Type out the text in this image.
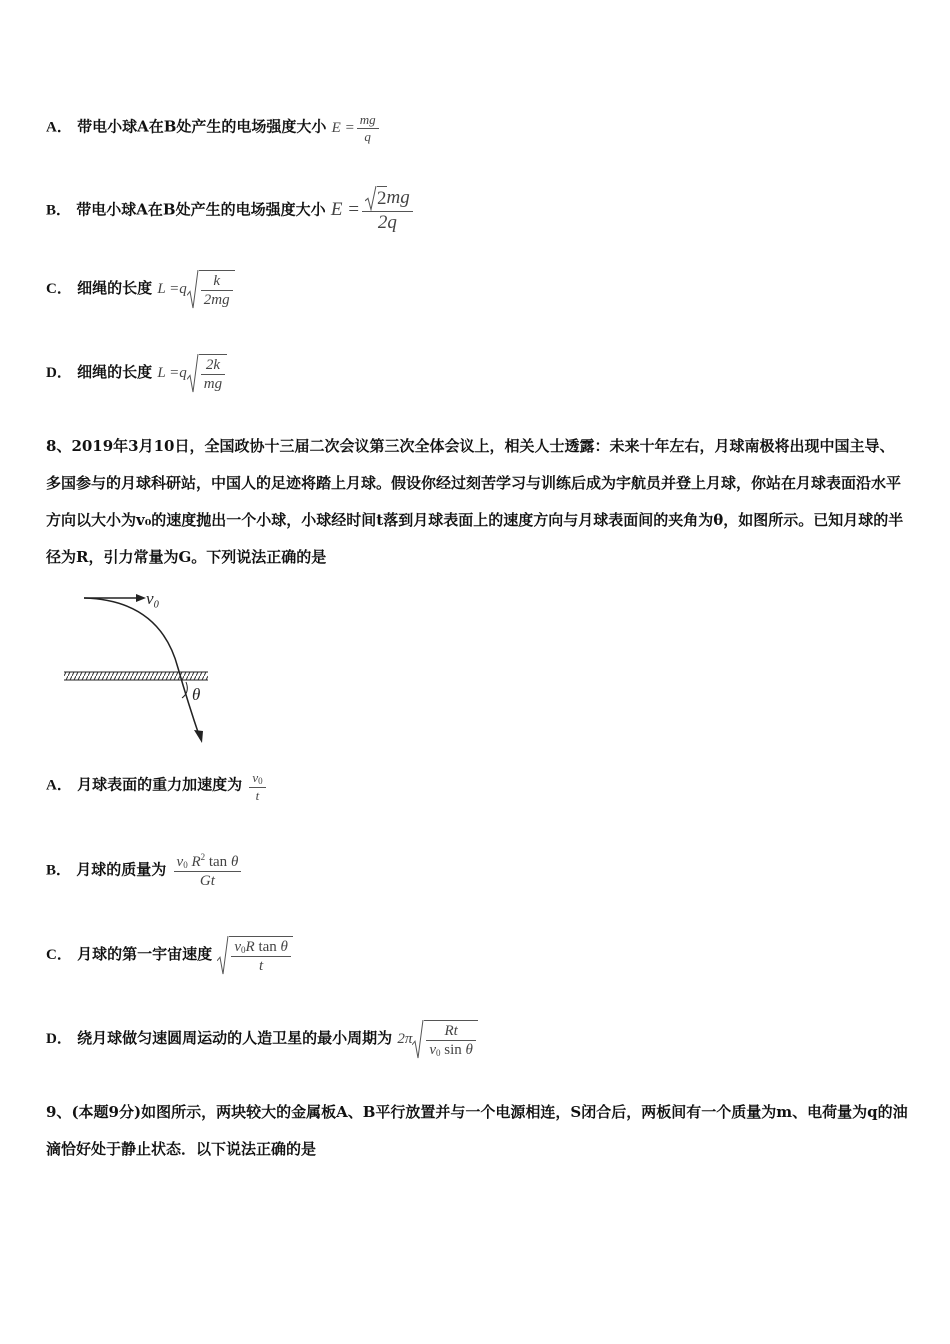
A． 带电小球A在B处产生的电场强度大小 $E = \frac{mg}{q}$
B． 带电小球A在B处产生的电场强度大小 $E = \frac{2mg}{2q}$
C． 细绳的长度 $L =q \frac{k}{2mg}$
D． 细绳的长度 $L =q \frac{2k}{mg}$
8、2019年3月10日，全国政协十三届二次会议第三次全体会议上，相关人士透露：未来十年左右，月球南极将出现中国主导、多国参与的月球科研站，中国人的足迹将踏上月球。假设你经过刻苦学习与训练后成为宇航员并登上月球，你站在月球表面沿水平方向以大小为v₀的速度抛出一个小球，小球经时间t落到月球表面上的速度方向与月球表面间的夹角为θ，如图所示。已知月球的半径为R，引力常量为G。下列说法正确的是
v₀
θ
A． 月球表面的重力加速度为 $\frac{v_0}{t}$
B． 月球的质量为 $\frac{v_0 R^2 \tan \theta}{Gt}$
C． 月球的第一宇宙速度 $\frac{v_0R \tan \theta}{t}$
D． 绕月球做匀速圆周运动的人造卫星的最小周期为 $2\pi \frac{Rt}{v_0 \sin \theta}$
9、(本题9分)如图所示，两块较大的金属板A、B平行放置并与一个电源相连，S闭合后，两板间有一个质量为m、电荷量为q的油滴恰好处于静止状态．以下说法正确的是
